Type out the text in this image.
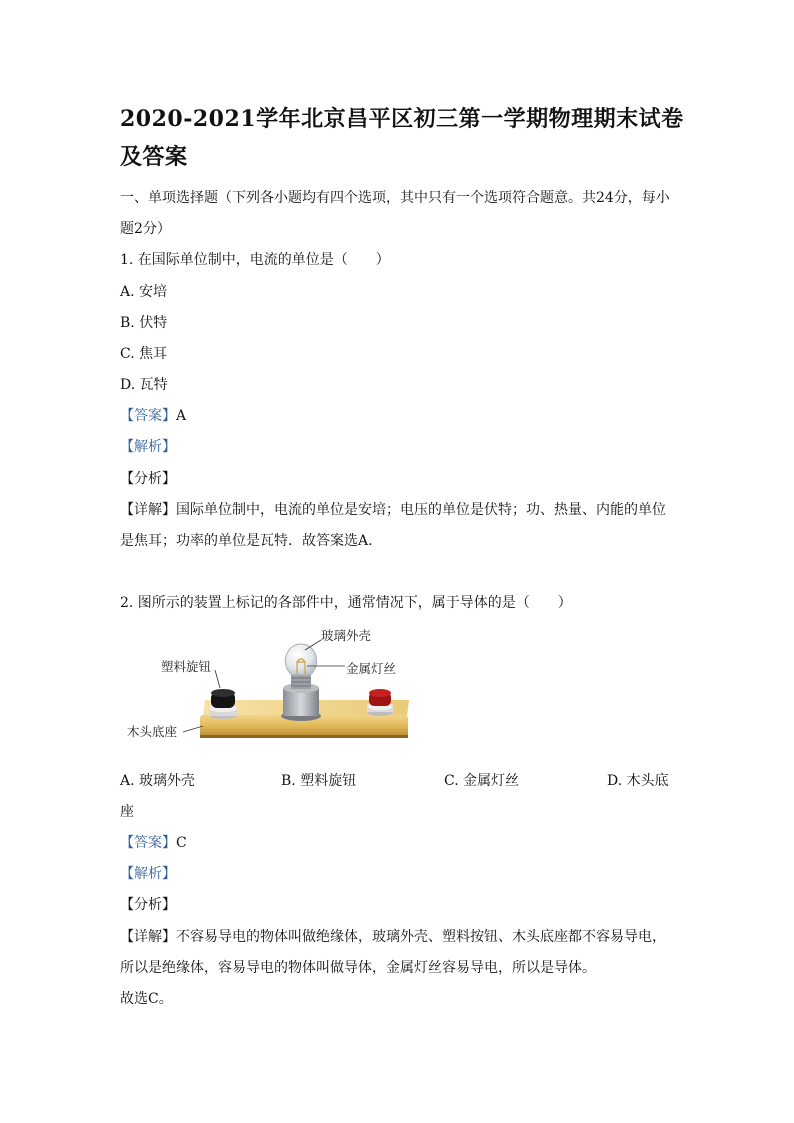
2020-2021学年北京昌平区初三第一学期物理期末试卷及答案
一、单项选择题（下列各小题均有四个选项，其中只有一个选项符合题意。共24分，每小
题2分）
1. 在国际单位制中，电流的单位是（　　）
A. 安培
B. 伏特
C. 焦耳
D. 瓦特
【答案】A
【解析】
【分析】
【详解】国际单位制中，电流的单位是安培；电压的单位是伏特；功、热量、内能的单位
是焦耳；功率的单位是瓦特．故答案选A.
2. 图所示的装置上标记的各部件中，通常情况下，属于导体的是（　　）
玻璃外壳
金属灯丝
塑料旋钮
木头底座
A. 玻璃外壳	B. 塑料旋钮	C. 金属灯丝	D. 木头底
座
【答案】C
【解析】
【分析】
【详解】不容易导电的物体叫做绝缘体，玻璃外壳、塑料按钮、木头底座都不容易导电，
所以是绝缘体，容易导电的物体叫做导体，金属灯丝容易导电，所以是导体。
故选C。
